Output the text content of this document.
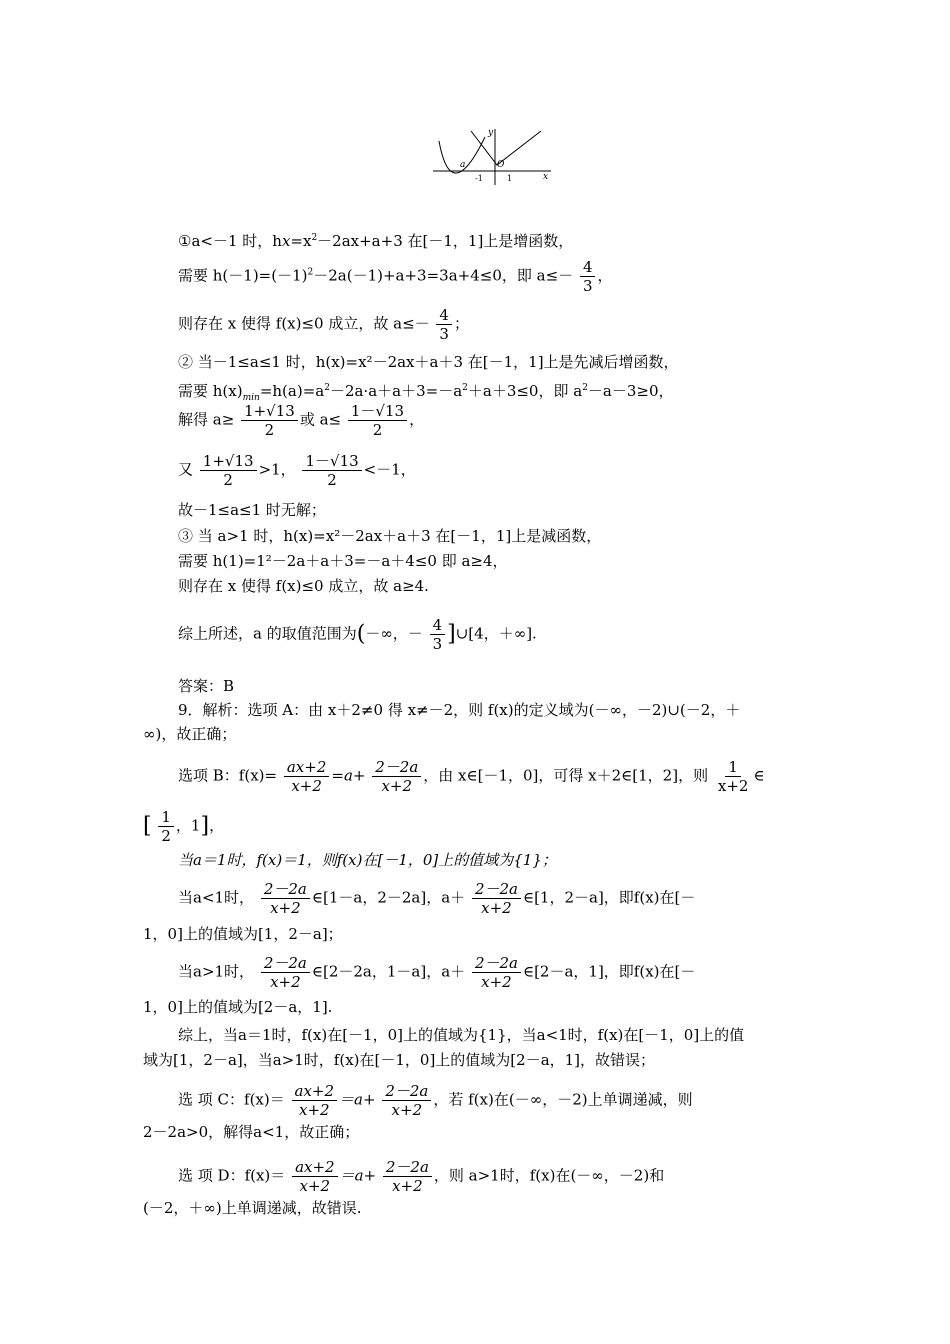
y
x
O
a
-1	1
①a<－1 时，$hx=x^2-2ax+a+3$ 在[－1，1]上是增函数，
需要 $h(-1)=(-1)^2-2a(-1)+a+3=3a+4\le 0$，即 $a\le- \frac{4}{3}$ ，
则存在 x 使得 f(x)≤0 成立，故 $a\le- \frac{4}{3}$ ；
② 当－1≤a≤1 时，h(x)=x²－2ax＋a＋3 在[－1，1]上是先减后增函数，
需要 $h(x)_{min}=h(a)=a^2-2a\cdot a+a+3=-a^2+a+3\le 0$，即 $a^2-a-3\ge 0$，
解得 $a\ge \frac{1+√13}{2}$ 或 $a\le \frac{1-√13}{2}$ ，
又 $\frac{1+√13}{2} >1$， $\frac{1-√13}{2} <-1$，
故－1≤a≤1 时无解；
③ 当 a>1 时，h(x)=x²－2ax＋a＋3 在[－1，1]上是减函数，
需要 h(1)=1²－2a＋a＋3=－a＋4≤0 即 a≥4，
则存在 x 使得 f(x)≤0 成立，故 a≥4.
综上所述，a 的取值范围为(－∞，－ $\frac{4}{3}$ ]∪[4，＋∞].
答案：B
9．解析：选项 A：由 x＋2≠0 得 x≠－2，则 f(x)的定义域为(－∞，－2)∪(－2，＋
∞)，故正确；
选项 B：$f(x)= \frac{ax+2}{x+2} =a+ \frac{2-2a}{x+2}$ ，由 x∈[－1，0]，可得 x＋2∈[1，2]，则 $\frac{1}{x+2}$ ∈
[ $\frac{1}{2}$ ，1]，
当a＝1时，f(x)＝1，则f(x)在[－1，0]上的值域为{1}；
当a<1时， $\frac{2-2a}{x+2}$ ∈[1－a，2－2a]，$a+ \frac{2-2a}{x+2}$ ∈[1，2－a]，即f(x)在[－
1，0]上的值域为[1，2－a]；
当a>1时， $\frac{2-2a}{x+2}$ ∈[2－2a，1－a]，$a+ \frac{2-2a}{x+2}$ ∈[2－a，1]，即f(x)在[－
1，0]上的值域为[2－a，1].
综上，当a＝1时，f(x)在[－1，0]上的值域为{1}，当a<1时，f(x)在[－1，0]上的值
域为[1，2－a]，当a>1时，f(x)在[－1，0]上的值域为[2－a，1]，故错误；
选 项 C：$f(x)= \frac{ax+2}{x+2} =a+ \frac{2-2a}{x+2}$ ，若 f(x)在(－∞，－2)上单调递减，则
2－2a>0，解得a<1，故正确；
选 项 D：$f(x)= \frac{ax+2}{x+2} =a+ \frac{2-2a}{x+2}$ ，则 a>1时，f(x)在(－∞，－2)和
(－2，＋∞)上单调递减，故错误.
